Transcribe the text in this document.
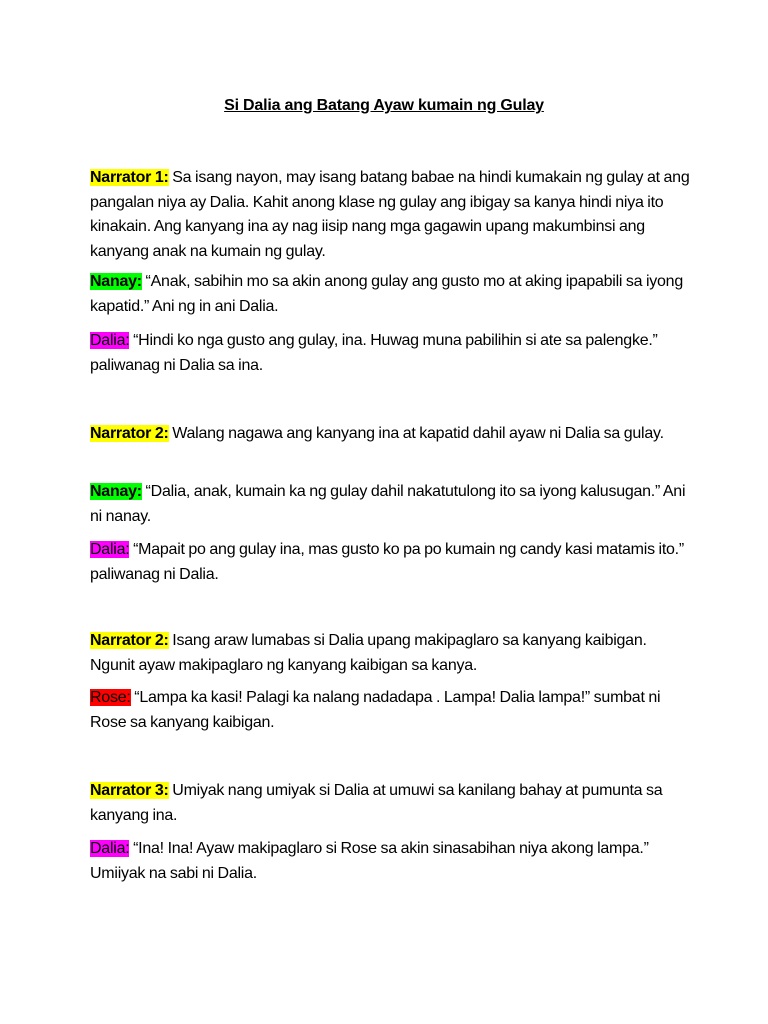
Si Dalia ang Batang Ayaw kumain ng Gulay
Narrator 1: Sa isang nayon, may isang batang babae na hindi kumakain ng gulay at ang pangalan niya ay Dalia. Kahit anong klase ng gulay ang ibigay sa kanya hindi niya ito kinakain. Ang kanyang ina ay nag iisip nang mga gagawin upang makumbinsi ang kanyang anak na kumain ng gulay.
Nanay: “Anak, sabihin mo sa akin anong gulay ang gusto mo at aking ipapabili sa iyong kapatid.” Ani ng in ani Dalia.
Dalia: “Hindi ko nga gusto ang gulay, ina. Huwag muna pabilihin si ate sa palengke.” paliwanag ni Dalia sa ina.
Narrator 2: Walang nagawa ang kanyang ina at kapatid dahil ayaw ni Dalia sa gulay.
Nanay: “Dalia, anak, kumain ka ng gulay dahil nakatutulong ito sa iyong kalusugan.” Ani ni nanay.
Dalia: “Mapait po ang gulay ina, mas gusto ko pa po kumain ng candy kasi matamis ito.” paliwanag ni Dalia.
Narrator 2: Isang araw lumabas si Dalia upang makipaglaro sa kanyang kaibigan. Ngunit ayaw makipaglaro ng kanyang kaibigan sa kanya.
Rose: “Lampa ka kasi! Palagi ka nalang nadadapa . Lampa! Dalia lampa!” sumbat ni Rose sa kanyang kaibigan.
Narrator 3: Umiyak nang umiyak si Dalia at umuwi sa kanilang bahay at pumunta sa kanyang ina.
Dalia: “Ina! Ina! Ayaw makipaglaro si Rose sa akin sinasabihan niya akong lampa.” Umiiyak na sabi ni Dalia.
